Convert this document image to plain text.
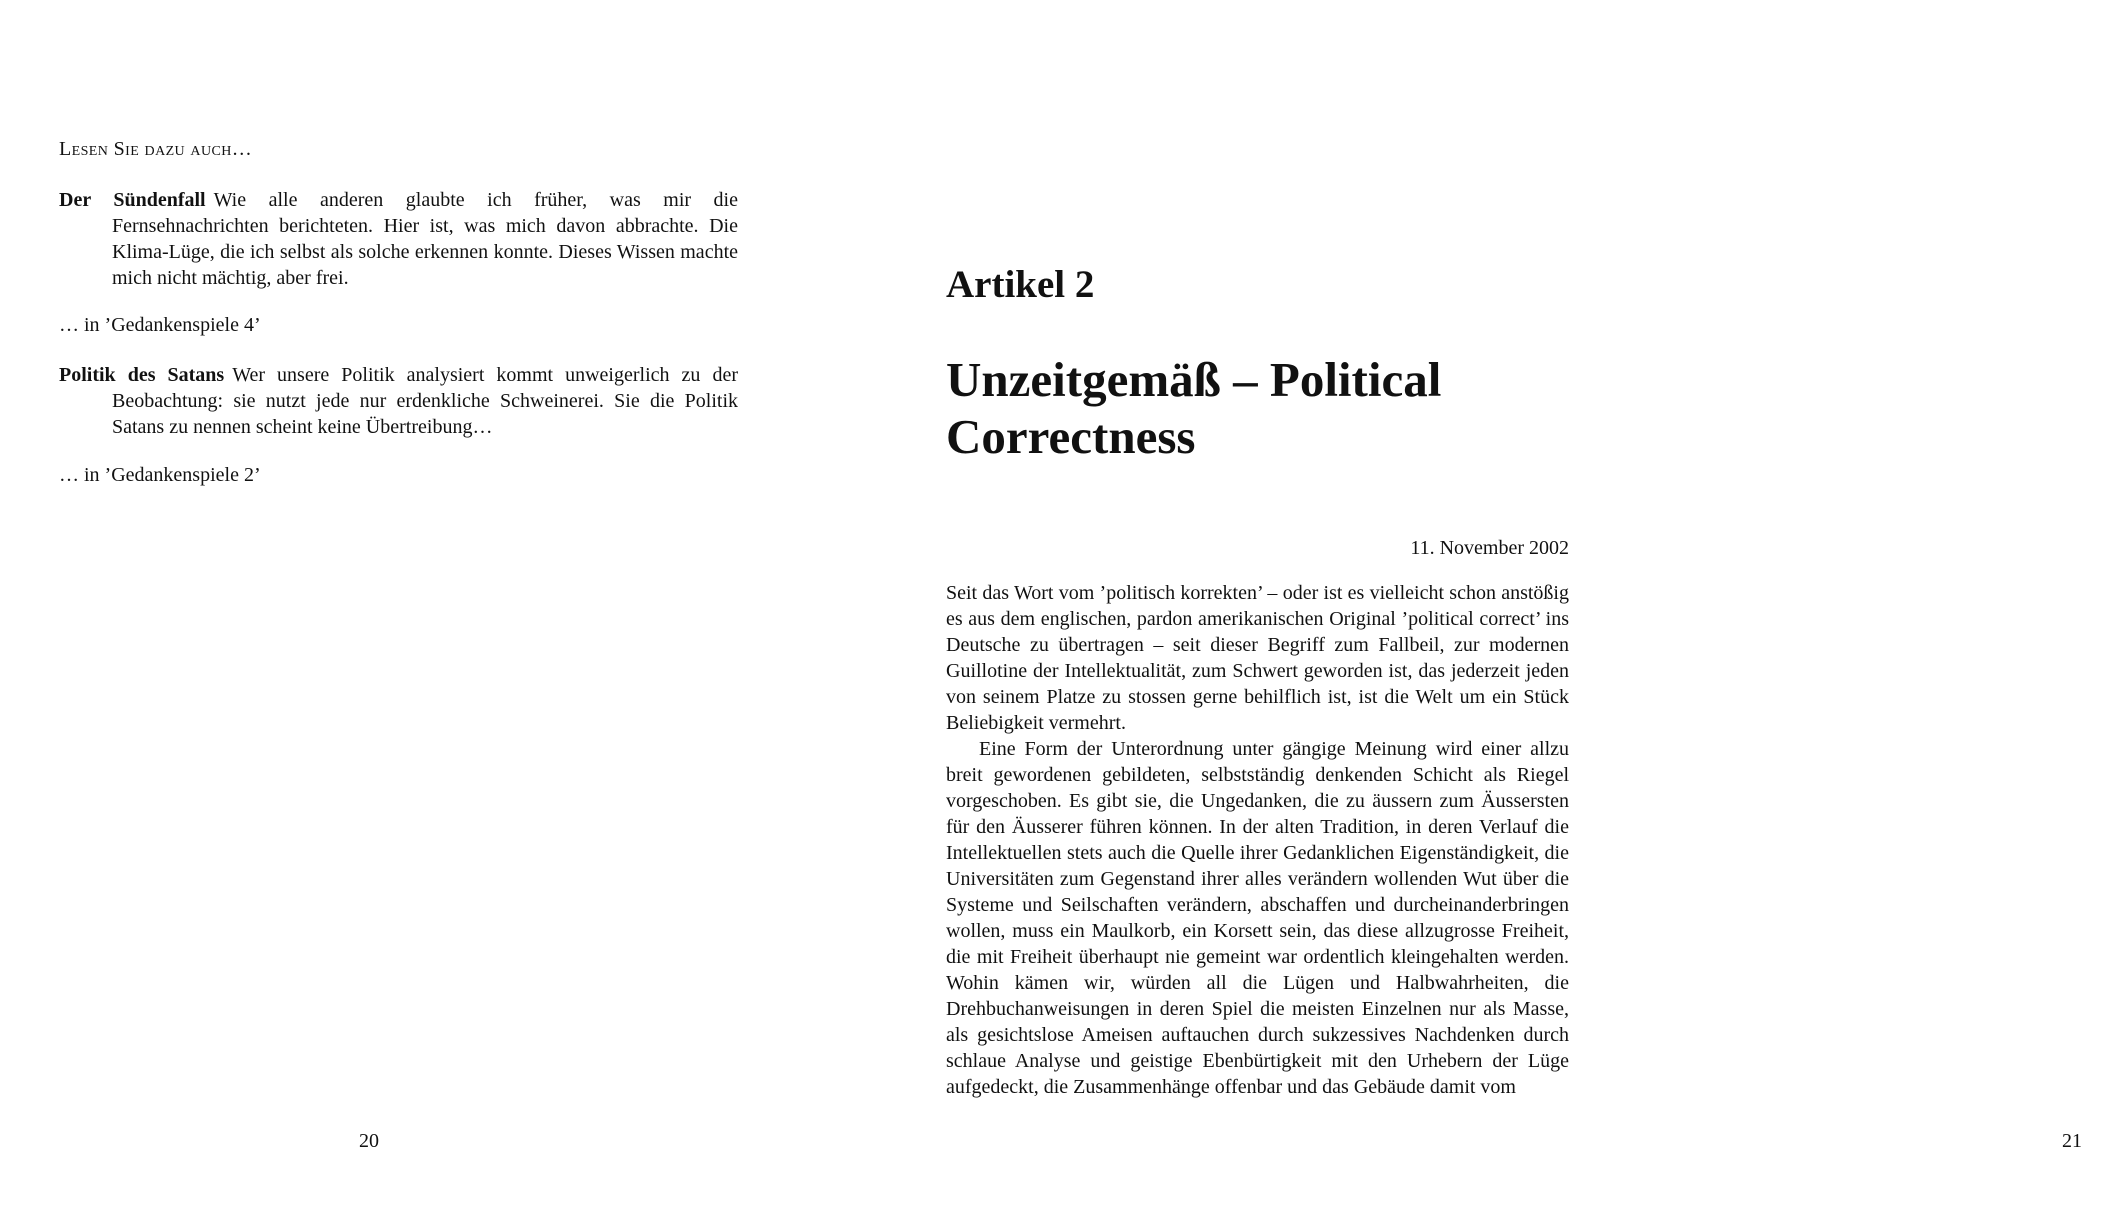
Lesen Sie dazu auch…
Der Sündenfall Wie alle anderen glaubte ich früher, was mir die Fernsehnachrichten berichteten. Hier ist, was mich davon abbrachte. Die Klima-Lüge, die ich selbst als solche erkennen konnte. Dieses Wissen machte mich nicht mächtig, aber frei.
… in ’Gedankenspiele 4’
Politik des Satans Wer unsere Politik analysiert kommt unweigerlich zu der Beobachtung: sie nutzt jede nur erdenkliche Schweinerei. Sie die Politik Satans zu nennen scheint keine Übertreibung…
… in ’Gedankenspiele 2’
20
Artikel 2
Unzeitgemäß – Political Correctness
11. November 2002

Seit das Wort vom ’politisch korrekten’ – oder ist es vielleicht schon anstößig es aus dem englischen, pardon amerikanischen Original ’political correct’ ins Deutsche zu übertragen – seit dieser Begriff zum Fallbeil, zur modernen Guillotine der Intellektualität, zum Schwert geworden ist, das jederzeit jeden von seinem Platze zu stossen gerne behilflich ist, ist die Welt um ein Stück Beliebigkeit vermehrt.

Eine Form der Unterordnung unter gängige Meinung wird einer allzu breit gewordenen gebildeten, selbstständig denkenden Schicht als Riegel vorgeschoben. Es gibt sie, die Ungedanken, die zu äussern zum Äussersten für den Äusserer führen können. In der alten Tradition, in deren Verlauf die Intellektuellen stets auch die Quelle ihrer Gedanklichen Eigenständigkeit, die Universitäten zum Gegenstand ihrer alles verändern wollenden Wut über die Systeme und Seilschaften verändern, abschaffen und durcheinanderbringen wollen, muss ein Maulkorb, ein Korsett sein, das diese allzugrosse Freiheit, die mit Freiheit überhaupt nie gemeint war ordentlich kleingehalten werden. Wohin kämen wir, würden all die Lügen und Halbwahrheiten, die Drehbuchanweisungen in deren Spiel die meisten Einzelnen nur als Masse, als gesichtslose Ameisen auftauchen durch sukzessives Nachdenken durch schlaue Analyse und geistige Ebenbürtigkeit mit den Urhebern der Lüge aufgedeckt, die Zusammenhänge offenbar und das Gebäude damit vom

21
